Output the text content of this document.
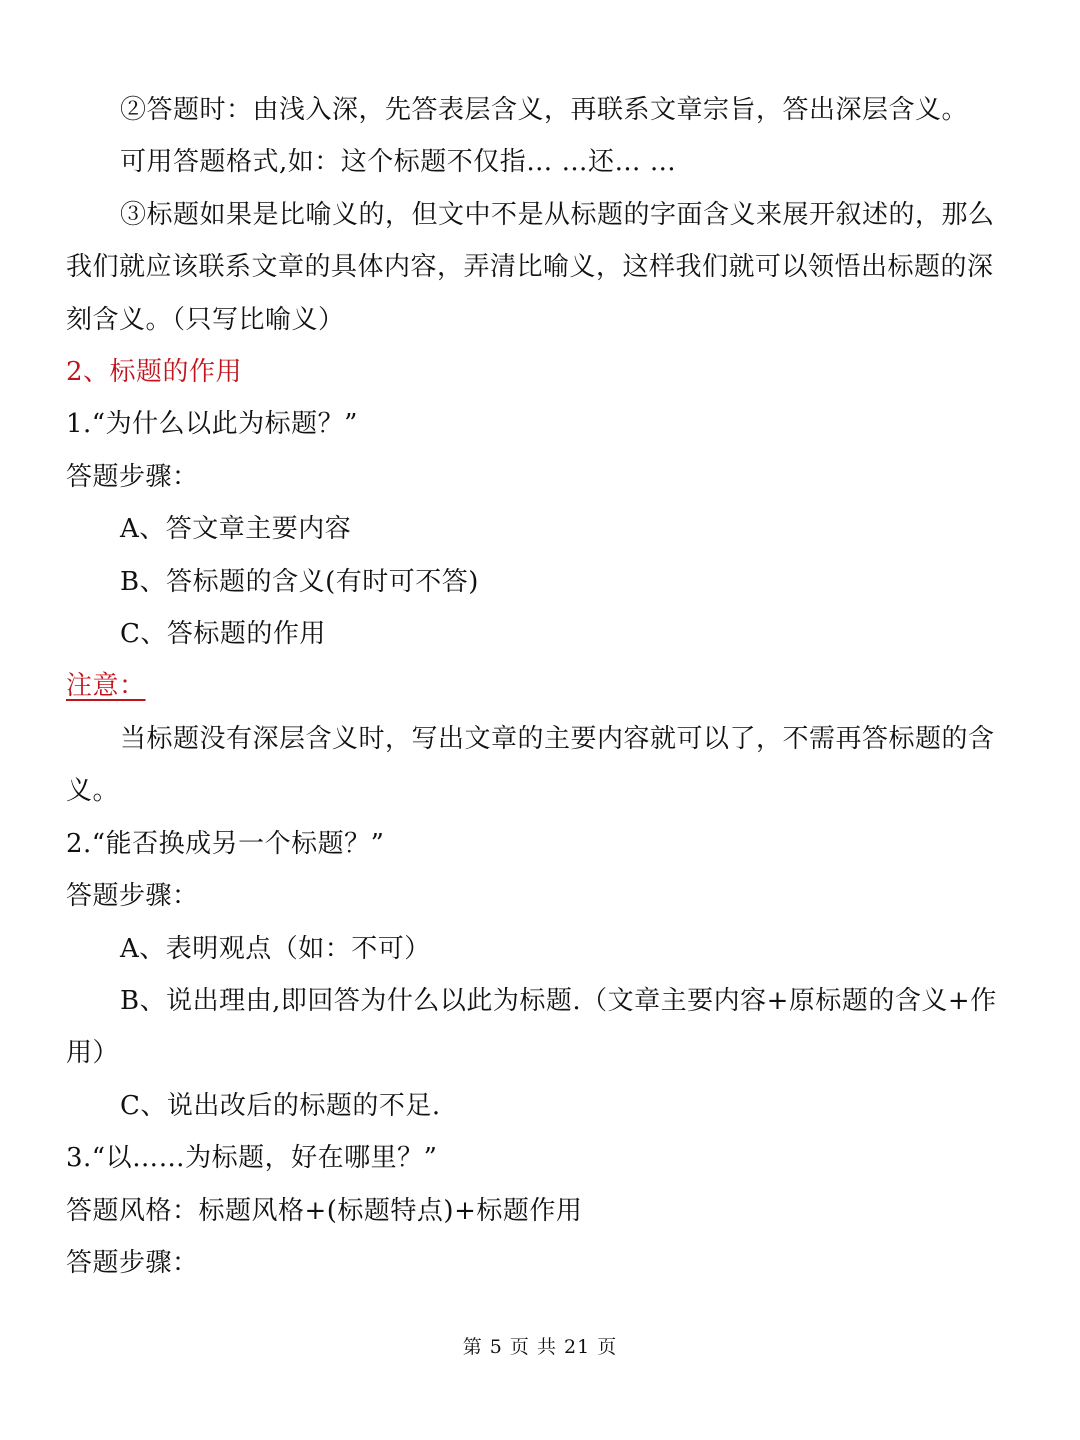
②答题时：由浅入深，先答表层含义，再联系文章宗旨，答出深层含义。
可用答题格式,如：这个标题不仅指… …还… …
③标题如果是比喻义的，但文中不是从标题的字面含义来展开叙述的，那么
我们就应该联系文章的具体内容，弄清比喻义，这样我们就可以领悟出标题的深
刻含义。（只写比喻义）
2、标题的作用
1.“为什么以此为标题？”
答题步骤：
A、答文章主要内容
B、答标题的含义(有时可不答)
C、答标题的作用
注意：
当标题没有深层含义时，写出文章的主要内容就可以了，不需再答标题的含
义。
2.“能否换成另一个标题？”
答题步骤：
A、表明观点（如：不可）
B、说出理由,即回答为什么以此为标题.（文章主要内容+原标题的含义+作
用）
C、说出改后的标题的不足.
3.“以……为标题，好在哪里？”
答题风格：标题风格+(标题特点)+标题作用
答题步骤：
第 5 页 共 21 页
